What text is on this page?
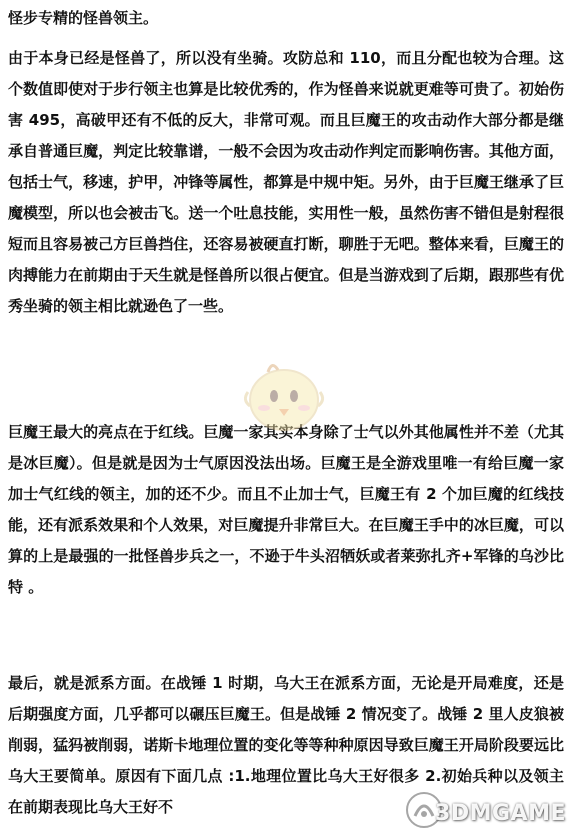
怪步专精的怪兽领主。

由于本身已经是怪兽了，所以没有坐骑。攻防总和 110，而且分配也较为合理。这个数值即使对于步行领主也算是比较优秀的，作为怪兽来说就更难等可贵了。初始伤害 495，高破甲还有不低的反大，非常可观。而且巨魔王的攻击动作大部分都是继承自普通巨魔，判定比较靠谱，一般不会因为攻击动作判定而影响伤害。其他方面，包括士气，移速，护甲，冲锋等属性，都算是中规中矩。另外，由于巨魔王继承了巨魔模型，所以也会被击飞。送一个吐息技能，实用性一般，虽然伤害不错但是射程很短而且容易被己方巨兽挡住，还容易被硬直打断，聊胜于无吧。整体来看，巨魔王的肉搏能力在前期由于天生就是怪兽所以很占便宜。但是当游戏到了后期，跟那些有优秀坐骑的领主相比就逊色了一些。

巨魔王最大的亮点在于红线。巨魔一家其实本身除了士气以外其他属性并不差（尤其是冰巨魔）。但是就是因为士气原因没法出场。巨魔王是全游戏里唯一有给巨魔一家加士气红线的领主，加的还不少。而且不止加士气，巨魔王有 2 个加巨魔的红线技能，还有派系效果和个人效果，对巨魔提升非常巨大。在巨魔王手中的冰巨魔，可以算的上是最强的一批怪兽步兵之一，不逊于牛头沼牺妖或者莱弥扎齐+军锋的乌沙比特 。

最后，就是派系方面。在战锤 1 时期，乌大王在派系方面，无论是开局难度，还是后期强度方面，几乎都可以碾压巨魔王。但是战锤 2 情况变了。战锤 2 里人皮狼被削弱，猛犸被削弱，诺斯卡地理位置的变化等等种种原因导致巨魔王开局阶段要远比乌大王要简单。原因有下面几点 :1.地理位置比乌大王好很多 2.初始兵种以及领主在前期表现比乌大王好不	3DMGAME
